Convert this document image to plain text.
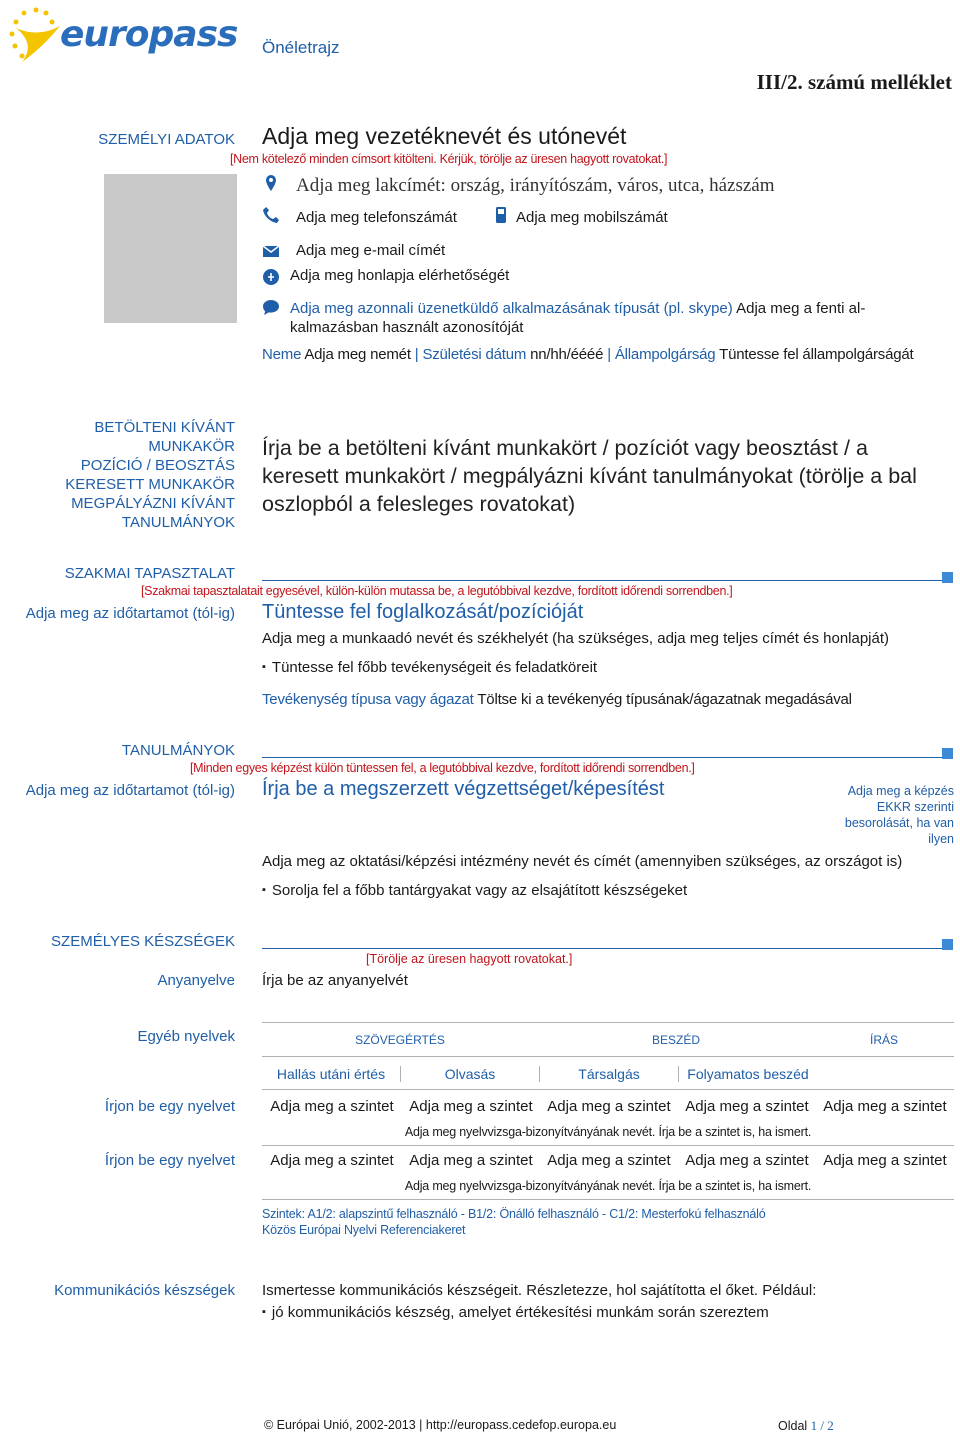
europass Önéletrajz
III/2. számú melléklet
SZEMÉLYI ADATOK Adja meg vezetéknevét és utónevét
[Nem kötelező minden címsort kitölteni. Kérjük, törölje az üresen hagyott rovatokat.]
Adja meg lakcímét: ország, irányítószám, város, utca, házszám
Adja meg telefonszámát	Adja meg mobilszámát
Adja meg e-mail címét
Adja meg honlapja elérhetőségét
Adja meg azonnali üzenetküldő alkalmazásának típusát (pl. skype) Adja meg a fenti al-
kalmazásban használt azonosítóját
Neme Adja meg nemét | Születési dátum nn/hh/éééé | Állampolgárság Tüntesse fel állampolgárságát
BETÖLTENI KÍVÁNT
MUNKAKÖR
POZÍCIÓ / BEOSZTÁS
KERESETT MUNKAKÖR
MEGPÁLYÁZNI KÍVÁNT
TANULMÁNYOK
Írja be a betölteni kívánt munkakört / pozíciót vagy beosztást / a
keresett munkakört / megpályázni kívánt tanulmányokat (törölje a bal
oszlopból a felesleges rovatokat)
SZAKMAI TAPASZTALAT
[Szakmai tapasztalatait egyesével, külön-külön mutassa be, a legutóbbival kezdve, fordított időrendi sorrendben.]
Adja meg az időtartamot (tól-ig) Tüntesse fel foglalkozását/pozícióját
Adja meg a munkaadó nevét és székhelyét (ha szükséges, adja meg teljes címét és honlapját)
▪ Tüntesse fel főbb tevékenységeit és feladatköreit
Tevékenység típusa vagy ágazat Töltse ki a tevékenyég típusának/ágazatnak megadásával
TANULMÁNYOK
[Minden egyes képzést külön tüntessen fel, a legutóbbival kezdve, fordított időrendi sorrendben.]
Adja meg az időtartamot (tól-ig) Írja be a megszerzett végzettséget/képesítést	Adja meg a képzés
EKKR szerinti
besorolását, ha van
ilyen
Adja meg az oktatási/képzési intézmény nevét és címét (amennyiben szükséges, az országot is)
▪ Sorolja fel a főbb tantárgyakat vagy az elsajátított készségeket
SZEMÉLYES KÉSZSÉGEK
[Törölje az üresen hagyott rovatokat.]
Anyanyelve Írja be az anyanyelvét
Egyéb nyelvek	SZÖVEGÉRTÉS	BESZÉD	ÍRÁS
Hallás utáni értés	Olvasás	Társalgás	Folyamatos beszéd
Írjon be egy nyelvet	Adja meg a szintet	Adja meg a szintet Adja meg a szintet Adja meg a szintet Adja meg a szintet
Adja meg nyelvvizsga-bizonyítványának nevét. Írja be a szintet is, ha ismert.
Írjon be egy nyelvet	Adja meg a szintet	Adja meg a szintet Adja meg a szintet Adja meg a szintet Adja meg a szintet
Adja meg nyelvvizsga-bizonyítványának nevét. Írja be a szintet is, ha ismert.
Szintek: A1/2: alapszintű felhasználó - B1/2: Önálló felhasználó - C1/2: Mesterfokú felhasználó
Közös Európai Nyelvi Referenciakeret
Kommunikációs készségek Ismertesse kommunikációs készségeit. Részletezze, hol sajátította el őket. Például:
▪ jó kommunikációs készség, amelyet értékesítési munkám során szereztem
© Európai Unió, 2002-2013 | http://europass.cedefop.europa.eu	Oldal 1 / 2
